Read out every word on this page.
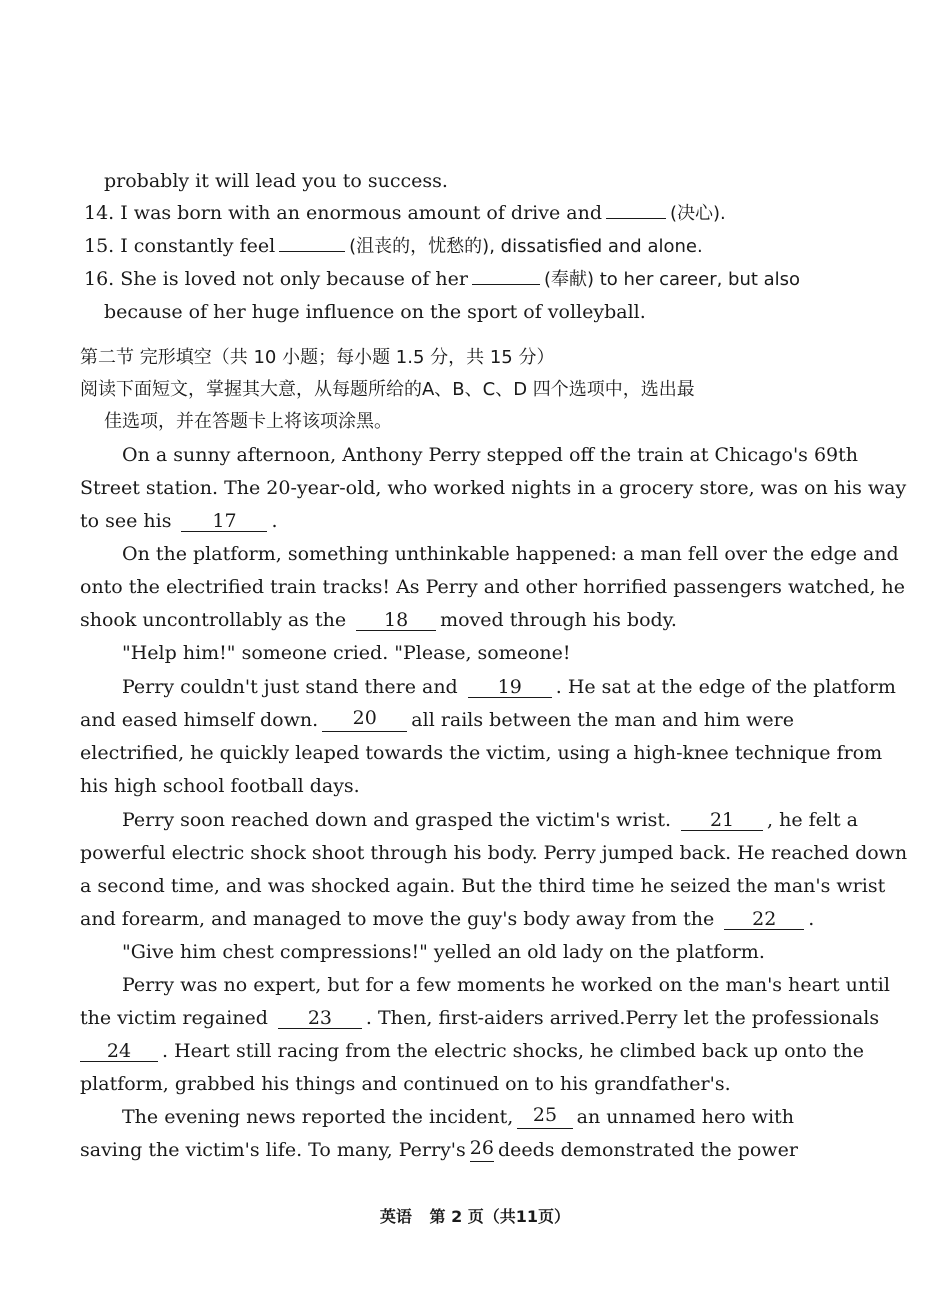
probably it will lead you to success.
14. I was born with an enormous amount of drive and	(决心).
15. I constantly feel	(沮丧的，忧愁的), dissatisfied and alone.
16. She is loved not only because of her	(奉献) to her career, but also
because of her huge influence on the sport of volleyball.
第二节 完形填空（共 10 小题；每小题 1.5 分，共 15 分）
阅读下面短文，掌握其大意，从每题所给的A、B、C、D 四个选项中，选出最
佳选项，并在答题卡上将该项涂黑。
On a sunny afternoon, Anthony Perry stepped off the train at Chicago's 69th
Street station. The 20-year-old, who worked nights in a grocery store, was on his way
to see his 17 .
On the platform, something unthinkable happened: a man fell over the edge and
onto the electrified train tracks! As Perry and other horrified passengers watched, he
shook uncontrollably as the 18 moved through his body.
"Help him!" someone cried. "Please, someone!
Perry couldn't just stand there and 19 . He sat at the edge of the platform
and eased himself down.	20	all rails between the man and him were
electrified, he quickly leaped towards the victim, using a high-knee technique from
his high school football days.
Perry soon reached down and grasped the victim's wrist. 21 , he felt a
powerful electric shock shoot through his body. Perry jumped back. He reached down
a second time, and was shocked again. But the third time he seized the man's wrist
and forearm, and managed to move the guy's body away from the 22 .
"Give him chest compressions!" yelled an old lady on the platform.
Perry was no expert, but for a few moments he worked on the man's heart until
the victim regained 23 . Then, first-aiders arrived.Perry let the professionals
24 . Heart still racing from the electric shocks, he climbed back up onto the
platform, grabbed his things and continued on to his grandfather's.
The evening news reported the incident,	25	an unnamed hero with
saving the victim's life. To many, Perry's 26 deeds demonstrated the power
英语 第 2 页（共11页）
